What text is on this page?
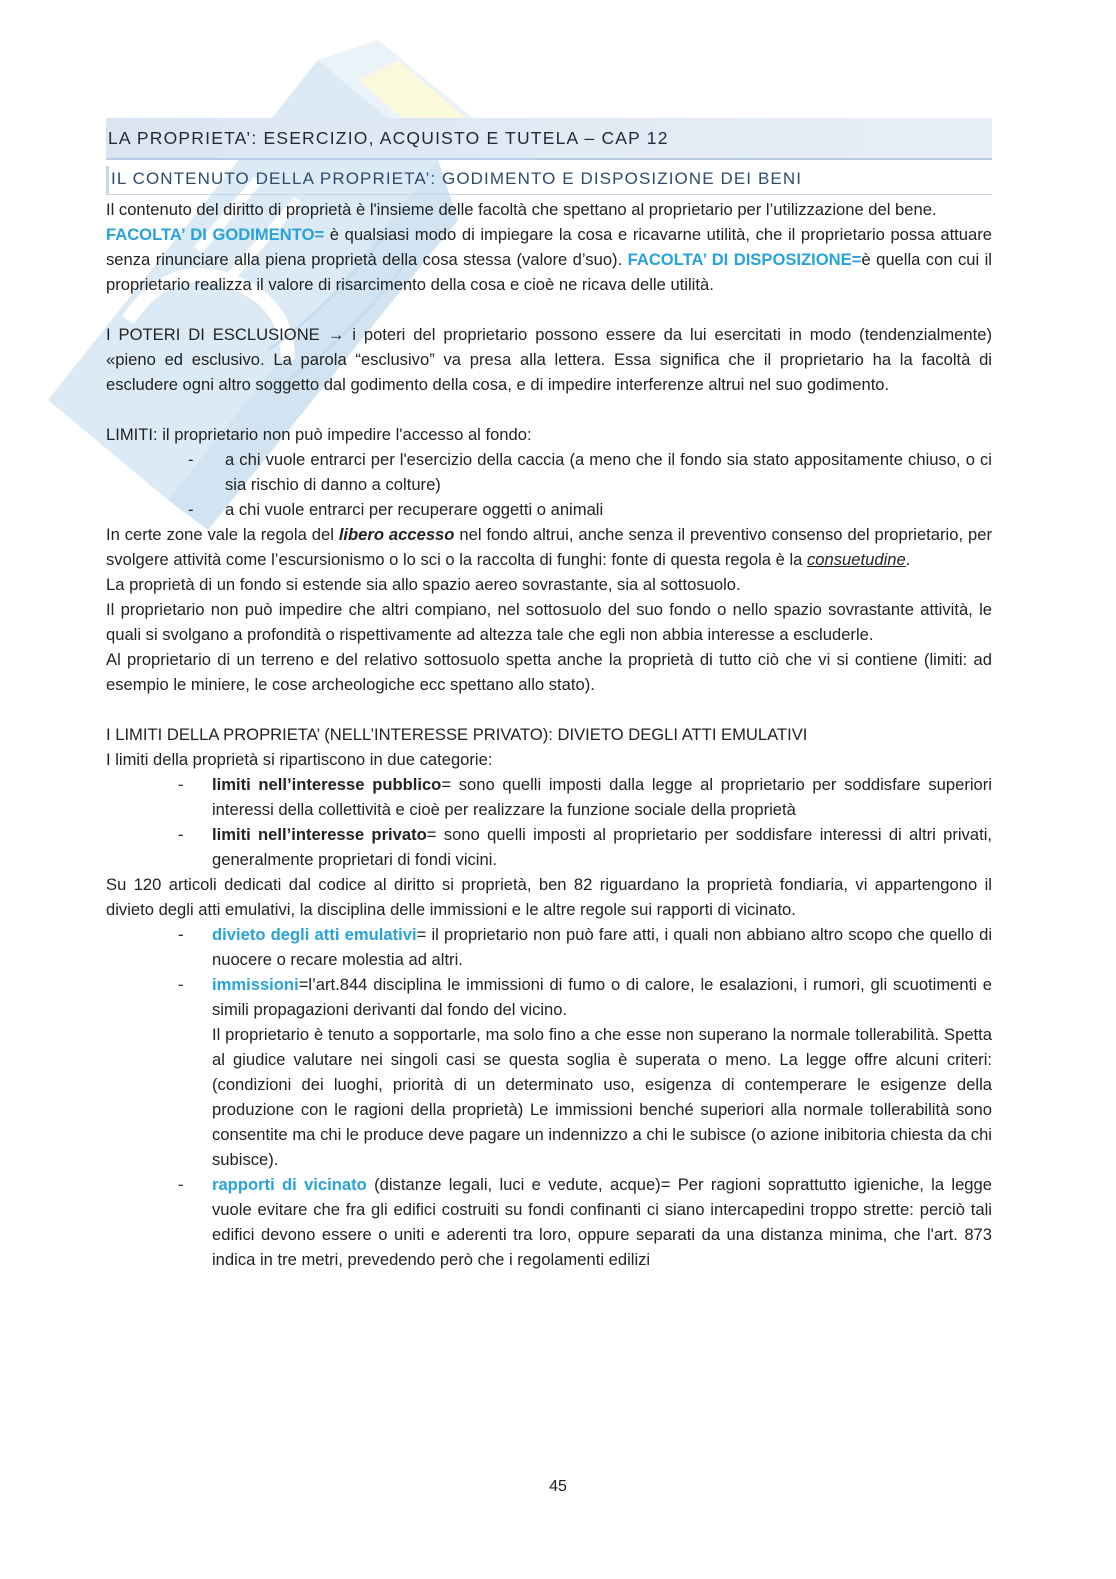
LA PROPRIETA’: ESERCIZIO, ACQUISTO E TUTELA – CAP 12
IL CONTENUTO DELLA PROPRIETA’: GODIMENTO E DISPOSIZIONE DEI BENI

Il contenuto del diritto di proprietà è l'insieme delle facoltà che spettano al proprietario per l’utilizzazione del bene.

FACOLTA’ DI GODIMENTO= è qualsiasi modo di impiegare la cosa e ricavarne utilità, che il proprietario possa attuare senza rinunciare alla piena proprietà della cosa stessa (valore d’suo). FACOLTA’ DI DISPOSIZIONE=è quella con cui il proprietario realizza il valore di risarcimento della cosa e cioè ne ricava delle utilità.

I POTERI DI ESCLUSIONE → i poteri del proprietario possono essere da lui esercitati in modo (tendenzialmente) «pieno ed esclusivo. La parola “esclusivo” va presa alla lettera. Essa significa che il proprietario ha la facoltà di escludere ogni altro soggetto dal godimento della cosa, e di impedire interferenze altrui nel suo godimento.

LIMITI: il proprietario non può impedire l'accesso al fondo:

- a chi vuole entrarci per l'esercizio della caccia (a meno che il fondo sia stato appositamente chiuso, o ci sia rischio di danno a colture)

- a chi vuole entrarci per recuperare oggetti o animali

In certe zone vale la regola del libero accesso nel fondo altrui, anche senza il preventivo consenso del proprietario, per svolgere attività come l’escursionismo o lo sci o la raccolta di funghi: fonte di questa regola è la consuetudine.

La proprietà di un fondo si estende sia allo spazio aereo sovrastante, sia al sottosuolo.

Il proprietario non può impedire che altri compiano, nel sottosuolo del suo fondo o nello spazio sovrastante attività, le quali si svolgano a profondità o rispettivamente ad altezza tale che egli non abbia interesse a escluderle.

Al proprietario di un terreno e del relativo sottosuolo spetta anche la proprietà di tutto ciò che vi si contiene (limiti: ad esempio le miniere, le cose archeologiche ecc spettano allo stato).

I LIMITI DELLA PROPRIETA’ (NELL’INTERESSE PRIVATO): DIVIETO DEGLI ATTI EMULATIVI

I limiti della proprietà si ripartiscono in due categorie:

- limiti nell’interesse pubblico= sono quelli imposti dalla legge al proprietario per soddisfare superiori interessi della collettività e cioè per realizzare la funzione sociale della proprietà

- limiti nell’interesse privato= sono quelli imposti al proprietario per soddisfare interessi di altri privati, generalmente proprietari di fondi vicini.

Su 120 articoli dedicati dal codice al diritto si proprietà, ben 82 riguardano la proprietà fondiaria, vi appartengono il divieto degli atti emulativi, la disciplina delle immissioni e le altre regole sui rapporti di vicinato.

- divieto degli atti emulativi= il proprietario non può fare atti, i quali non abbiano altro scopo che quello di nuocere o recare molestia ad altri.

- immissioni=l’art.844 disciplina le immissioni di fumo o di calore, le esalazioni, i rumori, gli scuotimenti e simili propagazioni derivanti dal fondo del vicino.

Il proprietario è tenuto a sopportarle, ma solo fino a che esse non superano la normale tollerabilità. Spetta al giudice valutare nei singoli casi se questa soglia è superata o meno. La legge offre alcuni criteri: (condizioni dei luoghi, priorità di un determinato uso, esigenza di contemperare le esigenze della produzione con le ragioni della proprietà) Le immissioni benché superiori alla normale tollerabilità sono consentite ma chi le produce deve pagare un indennizzo a chi le subisce (o azione inibitoria chiesta da chi subisce).

- rapporti di vicinato (distanze legali, luci e vedute, acque)= Per ragioni soprattutto igieniche, la legge vuole evitare che fra gli edifici costruiti su fondi confinanti ci siano intercapedini troppo strette: perciò tali edifici devono essere o uniti e aderenti tra loro, oppure separati da una distanza minima, che l'art. 873 indica in tre metri, prevedendo però che i regolamenti edilizi

45
